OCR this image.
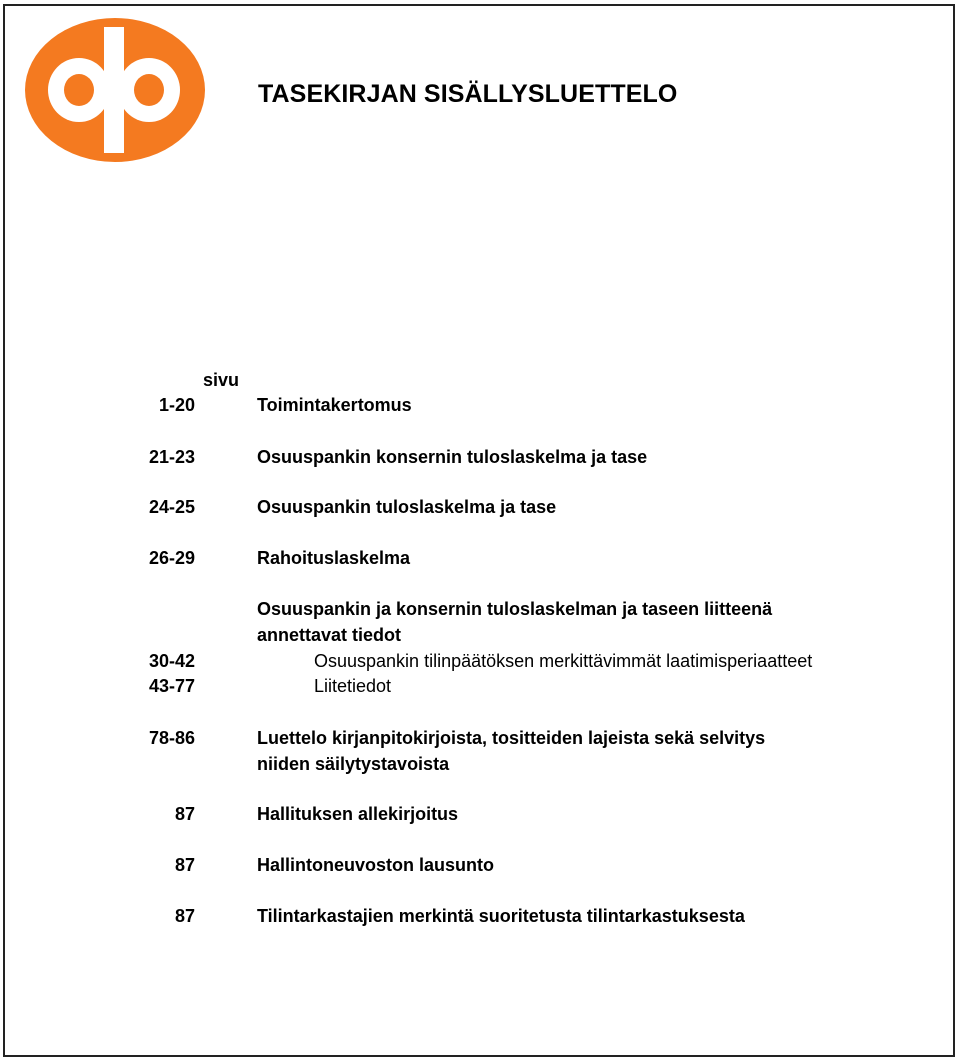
TASEKIRJAN SISÄLLYSLUETTELO
sivu
1-20	Toimintakertomus
21-23	Osuuspankin konsernin tuloslaskelma ja tase
24-25	Osuuspankin tuloslaskelma ja tase
26-29	Rahoituslaskelma
Osuuspankin ja konsernin tuloslaskelman ja taseen liitteenä
annettavat tiedot
30-42	Osuuspankin tilinpäätöksen merkittävimmät laatimisperiaatteet
43-77	Liitetiedot
78-86	Luettelo kirjanpitokirjoista, tositteiden lajeista sekä selvitys
niiden säilytystavoista
87	Hallituksen allekirjoitus
87	Hallintoneuvoston lausunto
87	Tilintarkastajien merkintä suoritetusta tilintarkastuksesta
